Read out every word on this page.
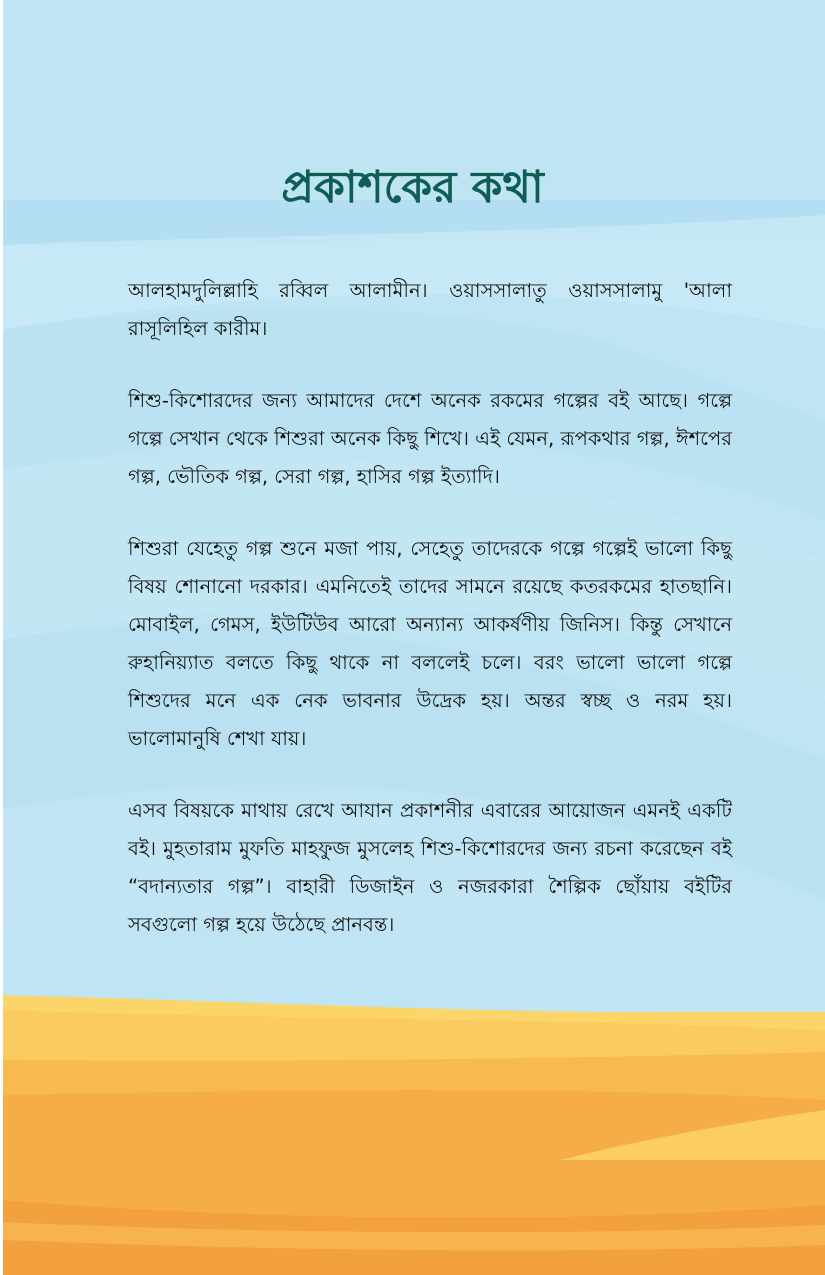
প্রকাশকের কথা

আলহামদুলিল্লাহি রব্বিল আলামীন। ওয়াসসালাতু ওয়াসসালামু 'আলা রাসূলিহিল কারীম।

শিশু-কিশোরদের জন্য আমাদের দেশে অনেক রকমের গল্পের বই আছে। গল্পে গল্পে সেখান থেকে শিশুরা অনেক কিছু শিখে। এই যেমন, রূপকথার গল্প, ঈশপের গল্প, ভৌতিক গল্প, সেরা গল্প, হাসির গল্প ইত্যাদি।

শিশুরা যেহেতু গল্প শুনে মজা পায়, সেহেতু তাদেরকে গল্পে গল্পেই ভালো কিছু বিষয় শোনানো দরকার। এমনিতেই তাদের সামনে রয়েছে কতরকমের হাতছানি। মোবাইল, গেমস, ইউটিউব আরো অন্যান্য আকর্ষণীয় জিনিস। কিন্তু সেখানে রুহানিয়্যাত বলতে কিছু থাকে না বললেই চলে। বরং ভালো ভালো গল্পে শিশুদের মনে এক নেক ভাবনার উদ্রেক হয়। অন্তর স্বচ্ছ ও নরম হয়। ভালোমানুষি শেখা যায়।

এসব বিষয়কে মাথায় রেখে আযান প্রকাশনীর এবারের আয়োজন এমনই একটি বই। মুহতারাম মুফতি মাহফুজ মুসলেহ শিশু-কিশোরদের জন্য রচনা করেছেন বই “বদান্যতার গল্প”। বাহারী ডিজাইন ও নজরকারা শৈল্পিক ছোঁয়ায় বইটির সবগুলো গল্প হয়ে উঠেছে প্রানবন্ত।
